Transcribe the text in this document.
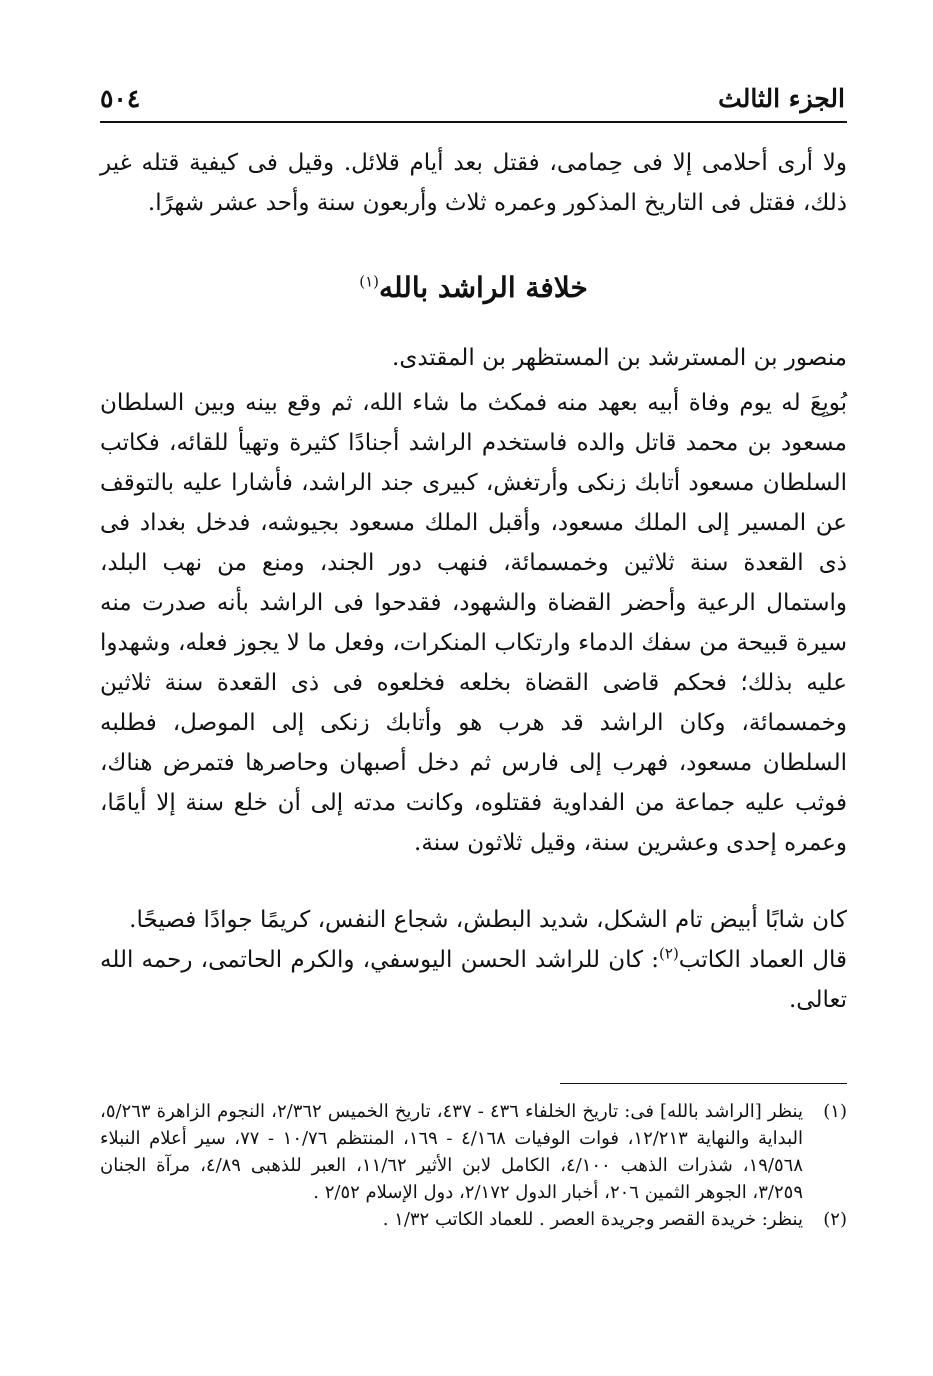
الجزء الثالث
٥٠٤

ولا أرى أحلامى إلا فى حِمامى، فقتل بعد أيام قلائل. وقيل فى كيفية قتله غير ذلك، فقتل فى التاريخ المذكور وعمره ثلاث وأربعون سنة وأحد عشر شهرًا.

خلافة الراشد بالله$^{(١)}$

منصور بن المسترشد بن المستظهر بن المقتدى.

بُويِعَ له يوم وفاة أبيه بعهد منه فمكث ما شاء الله، ثم وقع بينه وبين السلطان مسعود بن محمد قاتل والده فاستخدم الراشد أجنادًا كثيرة وتهيأ للقائه، فكاتب السلطان مسعود أتابك زنكى وأرتغش، كبيرى جند الراشد، فأشارا عليه بالتوقف عن المسير إلى الملك مسعود، وأقبل الملك مسعود بجيوشه، فدخل بغداد فى ذى القعدة سنة ثلاثين وخمسمائة، فنهب دور الجند، ومنع من نهب البلد، واستمال الرعية وأحضر القضاة والشهود، فقدحوا فى الراشد بأنه صدرت منه سيرة قبيحة من سفك الدماء وارتكاب المنكرات، وفعل ما لا يجوز فعله، وشهدوا عليه بذلك؛ فحكم قاضى القضاة بخلعه فخلعوه فى ذى القعدة سنة ثلاثين وخمسمائة، وكان الراشد قد هرب هو وأتابك زنكى إلى الموصل، فطلبه السلطان مسعود، فهرب إلى فارس ثم دخل أصبهان وحاصرها فتمرض هناك، فوثب عليه جماعة من الفداوية فقتلوه، وكانت مدته إلى أن خلع سنة إلا أيامًا، وعمره إحدى وعشرين سنة، وقيل ثلاثون سنة.

كان شابًا أبيض تام الشكل، شديد البطش، شجاع النفس، كريمًا جوادًا فصيحًا.
قال العماد الكاتب$^{(٢)}$: كان للراشد الحسن اليوسفي، والكرم الحاتمى، رحمه الله تعالى.
(١)
ينظر [الراشد بالله] فى: تاريخ الخلفاء ٤٣٦ - ٤٣٧، تاريخ الخميس ٢/٣٦٢، النجوم الزاهرة ٥/٢٦٣، البداية والنهاية ١٢/٢١٣، فوات الوفيات ٤/١٦٨ - ١٦٩، المنتظم ١٠/٧٦ - ٧٧، سير أعلام النبلاء ١٩/٥٦٨، شذرات الذهب ٤/١٠٠، الكامل لابن الأثير ١١/٦٢، العبر للذهبى ٤/٨٩، مرآة الجنان ٣/٢٥٩، الجوهر الثمين ٢٠٦، أخبار الدول ٢/١٧٢، دول الإسلام ٢/٥٢ .
(٢)
ينظر: خريدة القصر وجريدة العصر . للعماد الكاتب ١/٣٢ .
